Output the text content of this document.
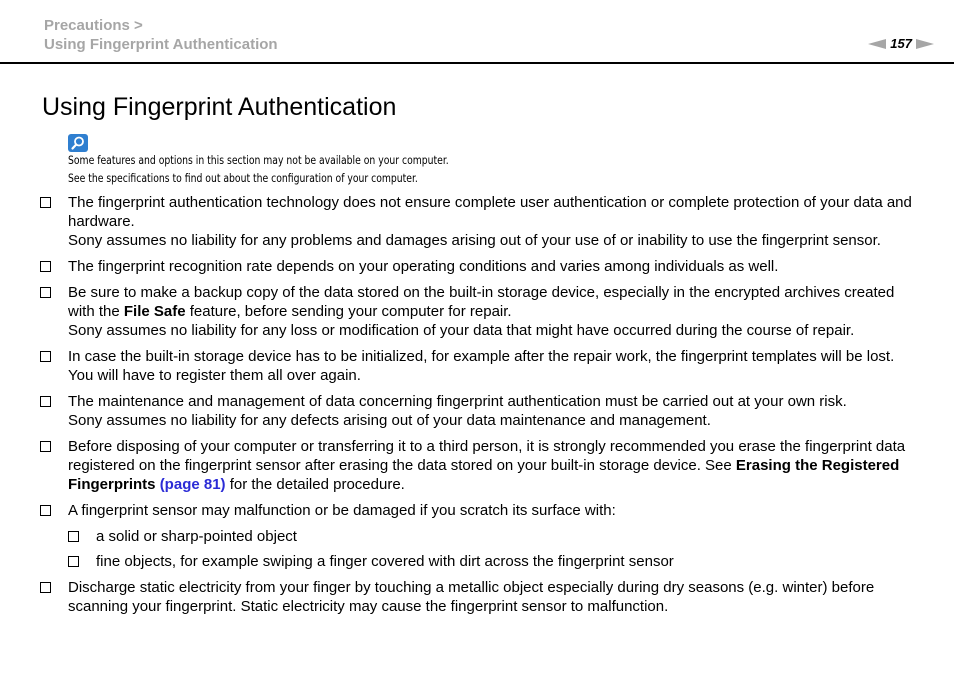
Precautions >
Using Fingerprint Authentication	157
Using Fingerprint Authentication
Some features and options in this section may not be available on your computer.
See the specifications to find out about the configuration of your computer.

The fingerprint authentication technology does not ensure complete user authentication or complete protection of your data and hardware.

Sony assumes no liability for any problems and damages arising out of your use of or inability to use the fingerprint sensor.

The fingerprint recognition rate depends on your operating conditions and varies among individuals as well.

Be sure to make a backup copy of the data stored on the built-in storage device, especially in the encrypted archives created with the File Safe feature, before sending your computer for repair.

Sony assumes no liability for any loss or modification of your data that might have occurred during the course of repair.

In case the built-in storage device has to be initialized, for example after the repair work, the fingerprint templates will be lost. You will have to register them all over again.

The maintenance and management of data concerning fingerprint authentication must be carried out at your own risk.

Sony assumes no liability for any defects arising out of your data maintenance and management.

Before disposing of your computer or transferring it to a third person, it is strongly recommended you erase the fingerprint data registered on the fingerprint sensor after erasing the data stored on your built-in storage device. See Erasing the Registered Fingerprints (page 81) for the detailed procedure.

A fingerprint sensor may malfunction or be damaged if you scratch its surface with:

a solid or sharp-pointed object

fine objects, for example swiping a finger covered with dirt across the fingerprint sensor

Discharge static electricity from your finger by touching a metallic object especially during dry seasons (e.g. winter) before scanning your fingerprint. Static electricity may cause the fingerprint sensor to malfunction.
